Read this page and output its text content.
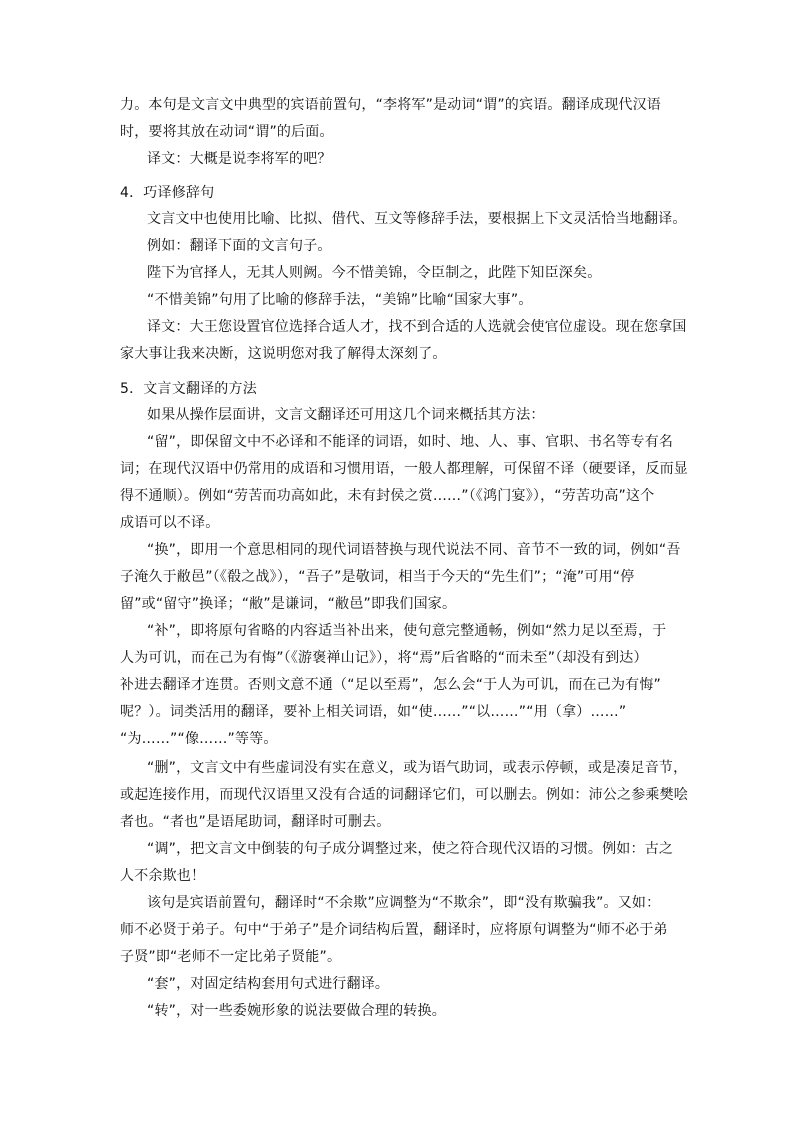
力。本句是文言文中典型的宾语前置句，“李将军”是动词“谓”的宾语。翻译成现代汉语
时，要将其放在动词“谓”的后面。
译文：大概是说李将军的吧？
4．巧译修辞句
文言文中也使用比喻、比拟、借代、互文等修辞手法，要根据上下文灵活恰当地翻译。
例如：翻译下面的文言句子。
陛下为官择人，无其人则阙。今不惜美锦，令臣制之，此陛下知臣深矣。
“不惜美锦”句用了比喻的修辞手法，“美锦”比喻“国家大事”。
译文：大王您设置官位选择合适人才，找不到合适的人选就会使官位虚设。现在您拿国
家大事让我来决断，这说明您对我了解得太深刻了。
5．文言文翻译的方法
如果从操作层面讲，文言文翻译还可用这几个词来概括其方法：
“留”，即保留文中不必译和不能译的词语，如时、地、人、事、官职、书名等专有名
词；在现代汉语中仍常用的成语和习惯用语，一般人都理解，可保留不译（硬要译，反而显
得不通顺）。例如“劳苦而功高如此，未有封侯之赏……”（《鸿门宴》），“劳苦功高”这个
成语可以不译。
“换”，即用一个意思相同的现代词语替换与现代说法不同、音节不一致的词，例如“吾
子淹久于敝邑”（《殽之战》），“吾子”是敬词，相当于今天的“先生们”；“淹”可用“停
留”或“留守”换译；“敝”是谦词，“敝邑”即我们国家。
“补”，即将原句省略的内容适当补出来，使句意完整通畅，例如“然力足以至焉，于
人为可讥，而在己为有悔”（《游褒禅山记》），将“焉”后省略的“而未至”（却没有到达）
补进去翻译才连贯。否则文意不通（“足以至焉”，怎么会“于人为可讥，而在己为有悔”
呢？）。词类活用的翻译，要补上相关词语，如“使……”“以……”“用（拿）……”
“为……”“像……”等等。
“删”，文言文中有些虚词没有实在意义，或为语气助词，或表示停顿，或是凑足音节，
或起连接作用，而现代汉语里又没有合适的词翻译它们，可以删去。例如：沛公之参乘樊哙
者也。“者也”是语尾助词，翻译时可删去。
“调”，把文言文中倒装的句子成分调整过来，使之符合现代汉语的习惯。例如：古之
人不余欺也！
该句是宾语前置句，翻译时“不余欺”应调整为“不欺余”，即“没有欺骗我”。又如：
师不必贤于弟子。句中“于弟子”是介词结构后置，翻译时，应将原句调整为“师不必于弟
子贤”即“老师不一定比弟子贤能”。
“套”，对固定结构套用句式进行翻译。
“转”，对一些委婉形象的说法要做合理的转换。
